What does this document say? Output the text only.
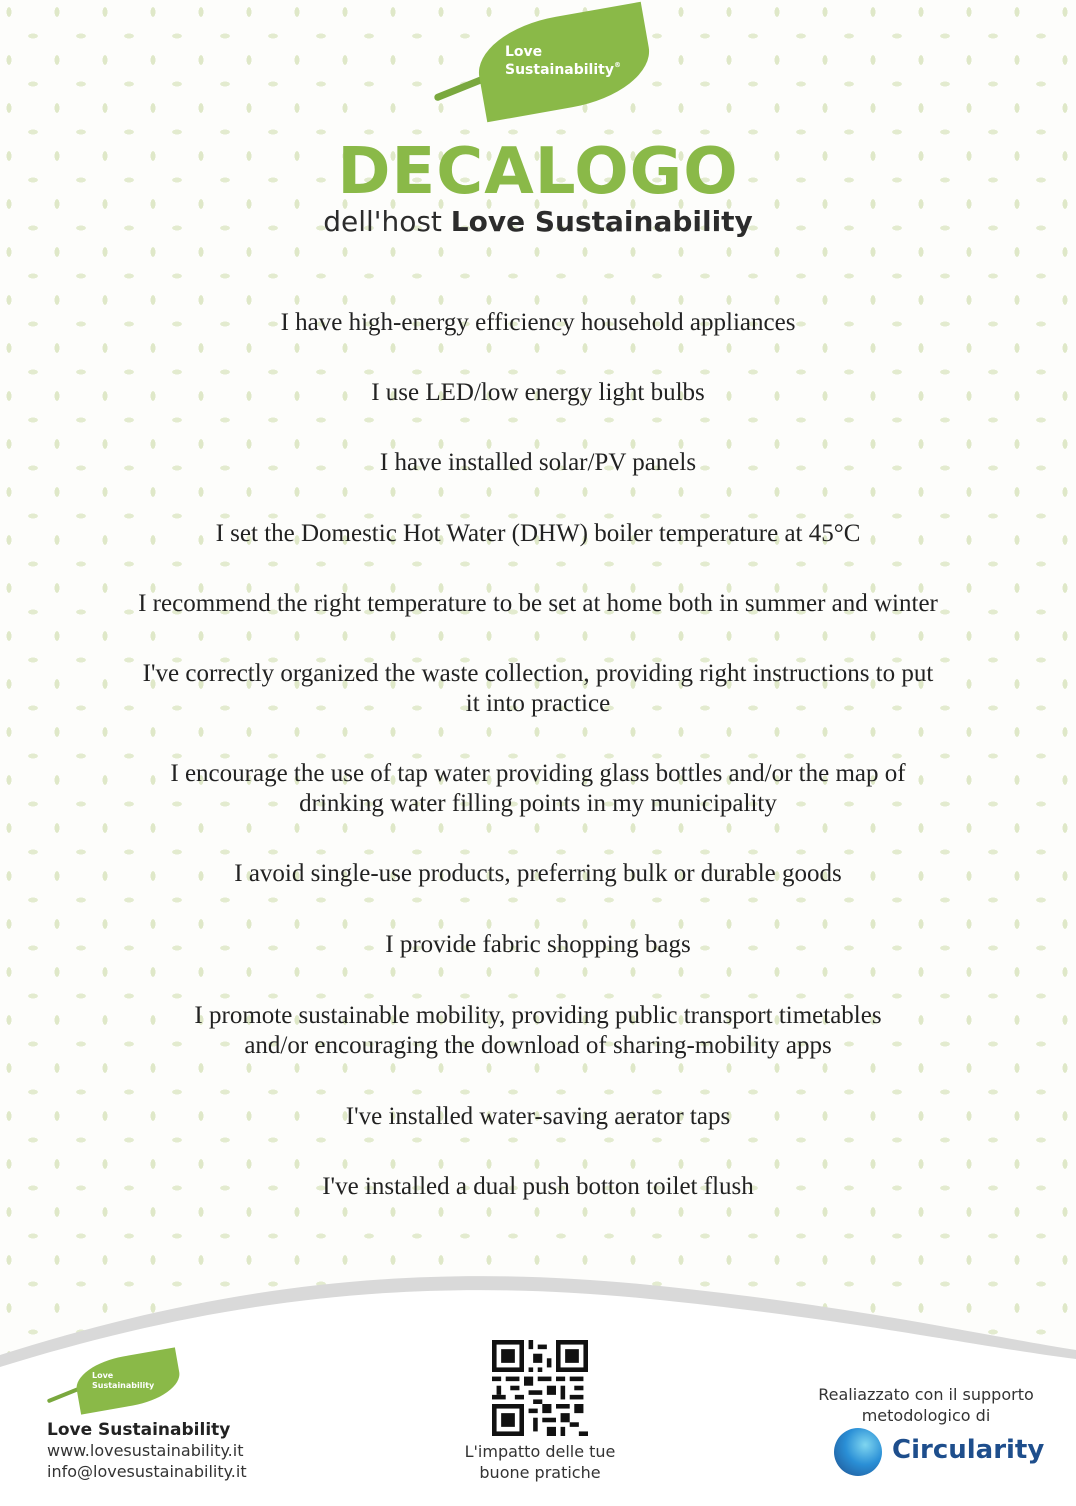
Love
Sustainability®
DECALOGO
dell'host Love Sustainability
I have high-energy efficiency household appliances
I use LED/low energy light bulbs
I have installed solar/PV panels
I set the Domestic Hot Water (DHW) boiler temperature at 45°C
I recommend the right temperature to be set at home both in summer and winter
I've correctly organized the waste collection, providing right instructions to put it into practice
I encourage the use of tap water providing glass bottles and/or the map of drinking water filling points in my municipality
I avoid single-use products, preferring bulk or durable goods
I provide fabric shopping bags
I promote sustainable mobility, providing public transport timetables and/or encouraging the download of sharing-mobility apps
I've installed water-saving aerator taps
I've installed a dual push botton toilet flush
Love
Sustainability
Love Sustainability
www.lovesustainability.it
info@lovesustainability.it
L'impatto delle tue
buone pratiche
Realiazzato con il supporto
metodologico di
Circularity
